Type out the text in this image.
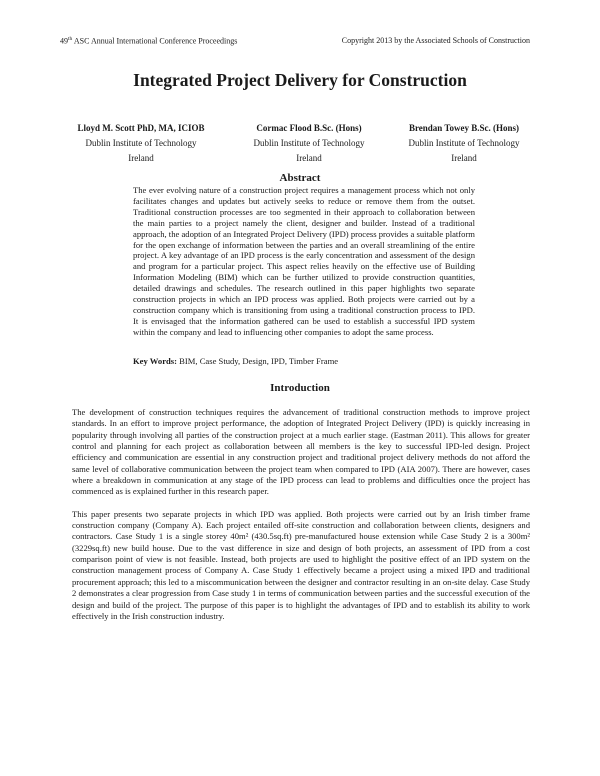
49th ASC Annual International Conference Proceedings	Copyright 2013 by the Associated Schools of Construction
Integrated Project Delivery for Construction
Lloyd M. Scott PhD, MA, ICIOB
Dublin Institute of Technology
Ireland
Cormac Flood B.Sc. (Hons)
Dublin Institute of Technology
Ireland
Brendan Towey B.Sc. (Hons)
Dublin Institute of Technology
Ireland
Abstract

The ever evolving nature of a construction project requires a management process which not only facilitates changes and updates but actively seeks to reduce or remove them from the outset. Traditional construction processes are too segmented in their approach to collaboration between the main parties to a project namely the client, designer and builder. Instead of a traditional approach, the adoption of an Integrated Project Delivery (IPD) process provides a suitable platform for the open exchange of information between the parties and an overall streamlining of the entire project. A key advantage of an IPD process is the early concentration and assessment of the design and program for a particular project. This aspect relies heavily on the effective use of Building Information Modeling (BIM) which can be further utilized to provide construction quantities, detailed drawings and schedules. The research outlined in this paper highlights two separate construction projects in which an IPD process was applied. Both projects were carried out by a construction company which is transitioning from using a traditional construction process to IPD. It is envisaged that the information gathered can be used to establish a successful IPD system within the company and lead to influencing other companies to adopt the same process.

Key Words: BIM, Case Study, Design, IPD, Timber Frame
Introduction

The development of construction techniques requires the advancement of traditional construction methods to improve project standards. In an effort to improve project performance, the adoption of Integrated Project Delivery (IPD) is quickly increasing in popularity through involving all parties of the construction project at a much earlier stage. (Eastman 2011). This allows for greater control and planning for each project as collaboration between all members is the key to successful IPD-led design. Project efficiency and communication are essential in any construction project and traditional project delivery methods do not afford the same level of collaborative communication between the project team when compared to IPD (AIA 2007). There are however, cases where a breakdown in communication at any stage of the IPD process can lead to problems and difficulties once the project has commenced as is explained further in this research paper.

This paper presents two separate projects in which IPD was applied. Both projects were carried out by an Irish timber frame construction company (Company A). Each project entailed off-site construction and collaboration between clients, designers and contractors. Case Study 1 is a single storey 40m² (430.5sq.ft) pre-manufactured house extension while Case Study 2 is a 300m² (3229sq.ft) new build house. Due to the vast difference in size and design of both projects, an assessment of IPD from a cost comparison point of view is not feasible. Instead, both projects are used to highlight the positive effect of an IPD system on the construction management process of Company A. Case Study 1 effectively became a project using a mixed IPD and traditional procurement approach; this led to a miscommunication between the designer and contractor resulting in an on-site delay. Case Study 2 demonstrates a clear progression from Case study 1 in terms of communication between parties and the successful execution of the design and build of the project. The purpose of this paper is to highlight the advantages of IPD and to establish its ability to work effectively in the Irish construction industry.
